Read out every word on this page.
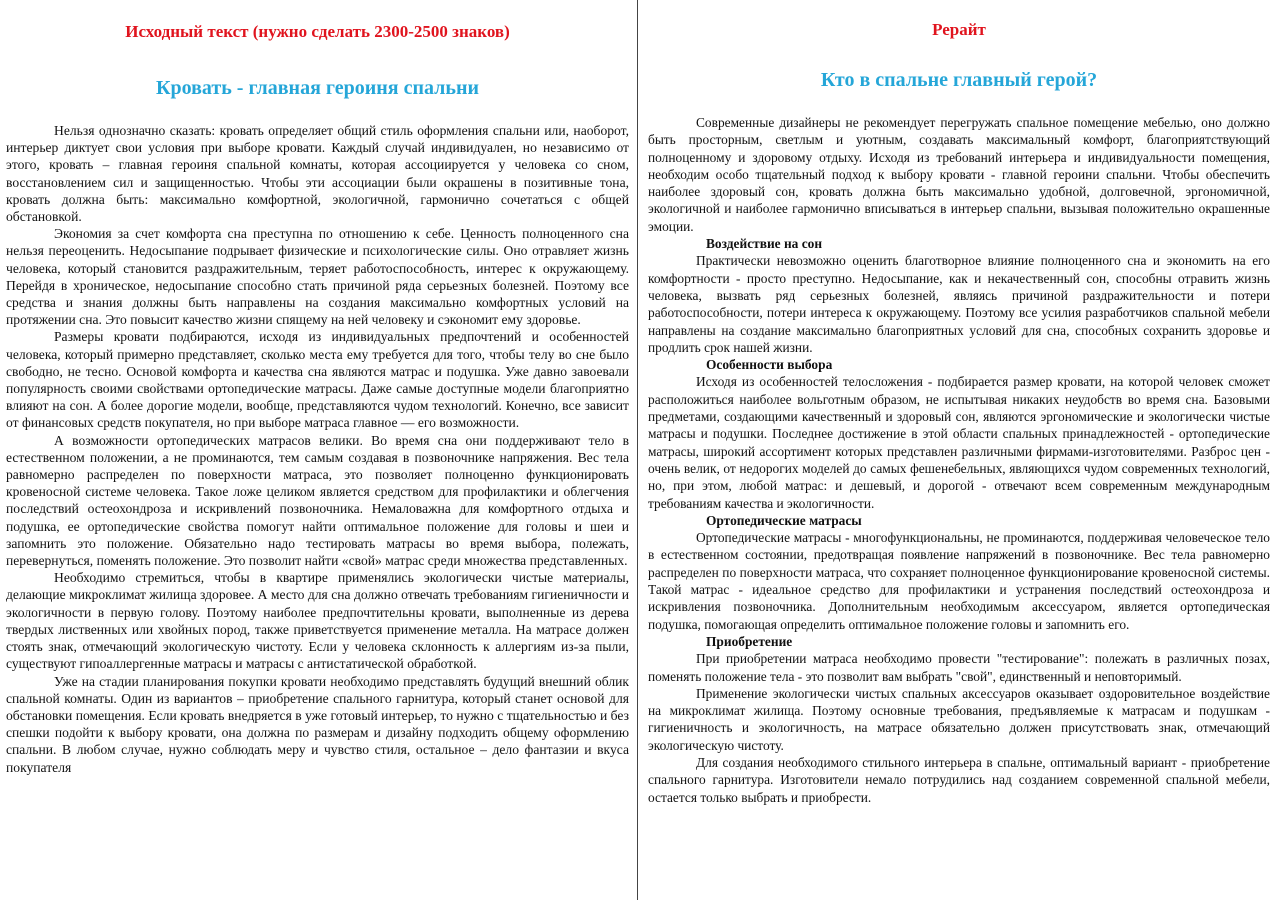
Исходный текст (нужно сделать 2300-2500 знаков)
Кровать - главная героиня спальни

Нельзя однозначно сказать: кровать определяет общий стиль оформления спальни или, наоборот, интерьер диктует свои условия при выборе кровати. Каждый случай индивидуален, но независимо от этого, кровать – главная героиня спальной комнаты, которая ассоциируется у человека со сном, восстановлением сил и защищенностью. Чтобы эти ассоциации были окрашены в позитивные тона, кровать должна быть: максимально комфортной, экологичной, гармонично сочетаться с общей обстановкой.

Экономия за счет комфорта сна преступна по отношению к себе. Ценность полноценного сна нельзя переоценить. Недосыпание подрывает физические и психологические силы. Оно отравляет жизнь человека, который становится раздражительным, теряет работоспособность, интерес к окружающему. Перейдя в хроническое, недосыпание способно стать причиной ряда серьезных болезней. Поэтому все средства и знания должны быть направлены на создания максимально комфортных условий на протяжении сна. Это повысит качество жизни спящему на ней человеку и сэкономит ему здоровье.

Размеры кровати подбираются, исходя из индивидуальных предпочтений и особенностей человека, который примерно представляет, сколько места ему требуется для того, чтобы телу во сне было свободно, не тесно. Основой комфорта и качества сна являются матрас и подушка. Уже давно завоевали популярность своими свойствами ортопедические матрасы. Даже самые доступные модели благоприятно влияют на сон. А более дорогие модели, вообще, представляются чудом технологий. Конечно, все зависит от финансовых средств покупателя, но при выборе матраса главное — его возможности.

А возможности ортопедических матрасов велики. Во время сна они поддерживают тело в естественном положении, а не проминаются, тем самым создавая в позвоночнике напряжения. Вес тела равномерно распределен по поверхности матраса, это позволяет полноценно функционировать кровеносной системе человека. Такое ложе целиком является средством для профилактики и облегчения последствий остеохондроза и искривлений позвоночника. Немаловажна для комфортного отдыха и подушка, ее ортопедические свойства помогут найти оптимальное положение для головы и шеи и запомнить это положение. Обязательно надо тестировать матрасы во время выбора, полежать, перевернуться, поменять положение. Это позволит найти «свой» матрас среди множества представленных.

Необходимо стремиться, чтобы в квартире применялись экологически чистые материалы, делающие микроклимат жилища здоровее. А место для сна должно отвечать требованиям гигиеничности и экологичности в первую голову. Поэтому наиболее предпочтительны кровати, выполненные из дерева твердых лиственных или хвойных пород, также приветствуется применение металла. На матрасе должен стоять знак, отмечающий экологическую чистоту. Если у человека склонность к аллергиям из-за пыли, существуют гипоаллергенные матрасы и матрасы с антистатической обработкой.

Уже на стадии планирования покупки кровати необходимо представлять будущий внешний облик спальной комнаты. Один из вариантов – приобретение спального гарнитура, который станет основой для обстановки помещения. Если кровать внедряется в уже готовый интерьер, то нужно с тщательностью и без спешки подойти к выбору кровати, она должна по размерам и дизайну подходить общему оформлению спальни. В любом случае, нужно соблюдать меру и чувство стиля, остальное – дело фантазии и вкуса покупателя

Рерайт
Кто в спальне главный герой?

Современные дизайнеры не рекомендует перегружать спальное помещение мебелью, оно должно быть просторным, светлым и уютным, создавать максимальный комфорт, благоприятствующий полноценному и здоровому отдыху. Исходя из требований интерьера и индивидуальности помещения, необходим особо тщательный подход к выбору кровати - главной героини спальни. Чтобы обеспечить наиболее здоровый сон, кровать должна быть максимально удобной, долговечной, эргономичной, экологичной и наиболее гармонично вписываться в интерьер спальни, вызывая положительно окрашенные эмоции.

Воздействие на сон

Практически невозможно оценить благотворное влияние полноценного сна и экономить на его комфортности - просто преступно. Недосыпание, как и некачественный сон, способны отравить жизнь человека, вызвать ряд серьезных болезней, являясь причиной раздражительности и потери работоспособности, потери интереса к окружающему. Поэтому все усилия разработчиков спальной мебели направлены на создание максимально благоприятных условий для сна, способных сохранить здоровье и продлить срок нашей жизни.

Особенности выбора

Исходя из особенностей телосложения - подбирается размер кровати, на которой человек сможет расположиться наиболее вольготным образом, не испытывая никаких неудобств во время сна. Базовыми предметами, создающими качественный и здоровый сон, являются эргономические и экологически чистые матрасы и подушки. Последнее достижение в этой области спальных принадлежностей - ортопедические матрасы, широкий ассортимент которых представлен различными фирмами-изготовителями. Разброс цен - очень велик, от недорогих моделей до самых фешенебельных, являющихся чудом современных технологий, но, при этом, любой матрас: и дешевый, и дорогой - отвечают всем современным международным требованиям качества и экологичности.

Ортопедические матрасы

Ортопедические матрасы - многофункциональны, не проминаются, поддерживая человеческое тело в естественном состоянии, предотвращая появление напряжений в позвоночнике. Вес тела равномерно распределен по поверхности матраса, что сохраняет полноценное функционирование кровеносной системы. Такой матрас - идеальное средство для профилактики и устранения последствий остеохондроза и искривления позвоночника. Дополнительным необходимым аксессуаром, является ортопедическая подушка, помогающая определить оптимальное положение головы и запомнить его.

Приобретение

При приобретении матраса необходимо провести "тестирование": полежать в различных позах, поменять положение тела - это позволит вам выбрать "свой", единственный и неповторимый.

Применение экологически чистых спальных аксессуаров оказывает оздоровительное воздействие на микроклимат жилища. Поэтому основные требования, предъявляемые к матрасам и подушкам - гигиеничность и экологичность, на матрасе обязательно должен присутствовать знак, отмечающий экологическую чистоту.

Для создания необходимого стильного интерьера в спальне, оптимальный вариант - приобретение спального гарнитура. Изготовители немало потрудились над созданием современной спальной мебели, остается только выбрать и приобрести.
